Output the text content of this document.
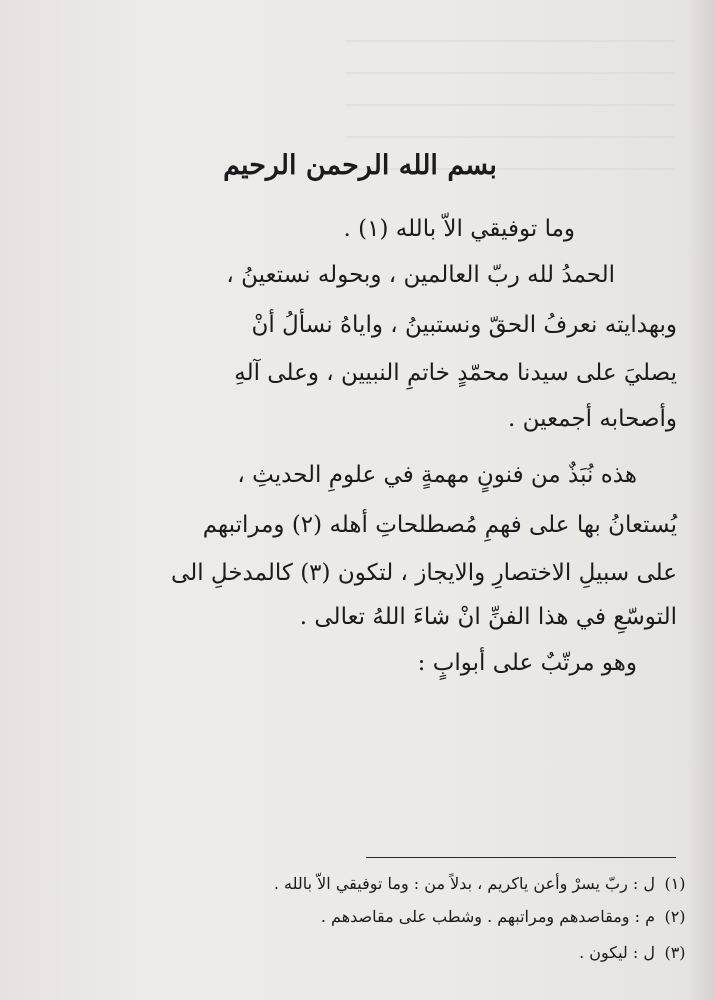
بسم الله الرحمن الرحيم
وما توفيقي الاّ بالله (١) .
الحمدُ لله ربّ العالمين ، وبحوله نستعينُ ،
وبهدايته نعرفُ الحقّ ونستبينُ ، واياهُ نسألُ أنْ
يصليَ على سيدنا محمّدٍ خاتمِ النبيين ، وعلى آلهِ
وأصحابه أجمعين .
هذه نُبَذٌ من فنونٍ مهمةٍ في علومِ الحديثِ ،
يُستعانُ بها على فهمِ مُصطلحاتِ أهله (٢) ومراتبهم
على سبيلِ الاختصارِ والايجاز ، لتكون (٣) كالمدخلِ الى
التوسّعِ في هذا الفنِّ انْ شاءَ اللهُ تعالى .
وهو مرتّبٌ على أبوابٍ :
(١)
ل : ربّ يسرْ وأعن ياكريم ، بدلاً من : وما توفيقي الاّ بالله .
(٢)
م : ومقاصدهم ومراتبهم . وشطب على مقاصدهم .
(٣)
ل : ليكون .
